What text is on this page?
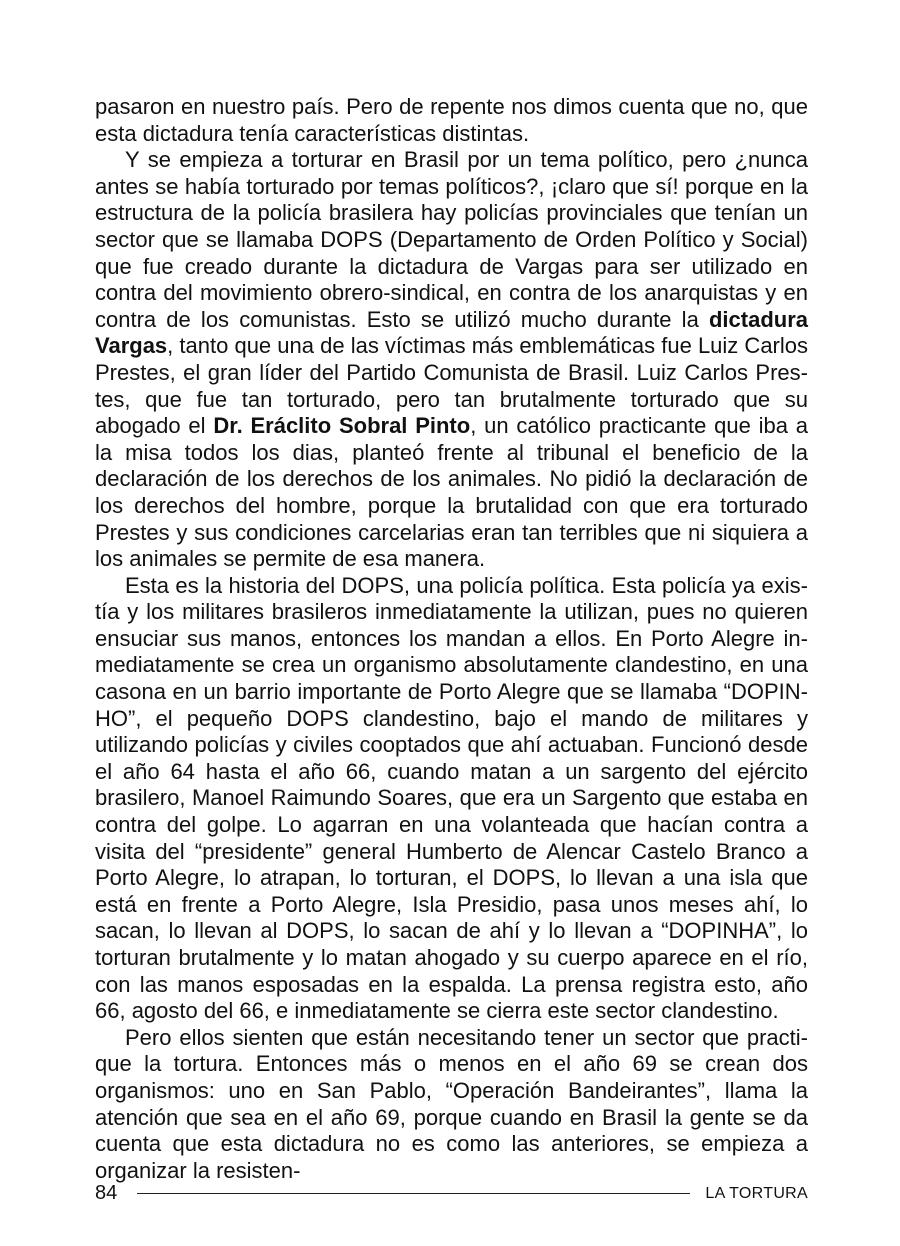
pasaron en nuestro país. Pero de repente nos dimos cuenta que no, que esta dictadura tenía características distintas.

Y se empieza a torturar en Brasil por un tema político, pero ¿nunca antes se había torturado por temas políticos?, ¡claro que sí! porque en la estructura de la policía brasilera hay policías provinciales que tenían un sector que se llamaba DOPS (Departamento de Orden Político y Social) que fue creado durante la dictadura de Vargas para ser utilizado en contra del movimiento obrero-sindical, en contra de los anarquistas y en contra de los comunistas. Esto se utilizó mucho durante la dictadura Vargas, tanto que una de las víctimas más emblemáticas fue Luiz Carlos Prestes, el gran líder del Partido Comunista de Brasil. Luiz Carlos Prestes, que fue tan torturado, pero tan brutalmente torturado que su abogado el Dr. Eráclito Sobral Pinto, un católico practicante que iba a la misa todos los dias, planteó frente al tribunal el beneficio de la declaración de los derechos de los animales. No pidió la declaración de los derechos del hombre, porque la brutalidad con que era torturado Prestes y sus condiciones carcelarias eran tan terribles que ni siquiera a los animales se permite de esa manera.

Esta es la historia del DOPS, una policía política. Esta policía ya existía y los militares brasileros inmediatamente la utilizan, pues no quieren ensuciar sus manos, entonces los mandan a ellos. En Porto Alegre inmediatamente se crea un organismo absolutamente clandestino, en una casona en un barrio importante de Porto Alegre que se llamaba “DOPINHO”, el pequeño DOPS clandestino, bajo el mando de militares y utilizando policías y civiles cooptados que ahí actuaban. Funcionó desde el año 64 hasta el año 66, cuando matan a un sargento del ejército brasilero, Manoel Raimundo Soares, que era un Sargento que estaba en contra del golpe. Lo agarran en una volanteada que hacían contra a visita del “presidente” general Humberto de Alencar Castelo Branco a Porto Alegre, lo atrapan, lo torturan, el DOPS, lo llevan a una isla que está en frente a Porto Alegre, Isla Presidio, pasa unos meses ahí, lo sacan, lo llevan al DOPS, lo sacan de ahí y lo llevan a “DOPINHA”, lo torturan brutalmente y lo matan ahogado y su cuerpo aparece en el río, con las manos esposadas en la espalda. La prensa registra esto, año 66, agosto del 66, e inmediatamente se cierra este sector clandestino.

Pero ellos sienten que están necesitando tener un sector que practique la tortura. Entonces más o menos en el año 69 se crean dos organismos: uno en San Pablo, “Operación Bandeirantes”, llama la atención que sea en el año 69, porque cuando en Brasil la gente se da cuenta que esta dictadura no es como las anteriores, se empieza a organizar la resisten-

84	LA TORTURA
